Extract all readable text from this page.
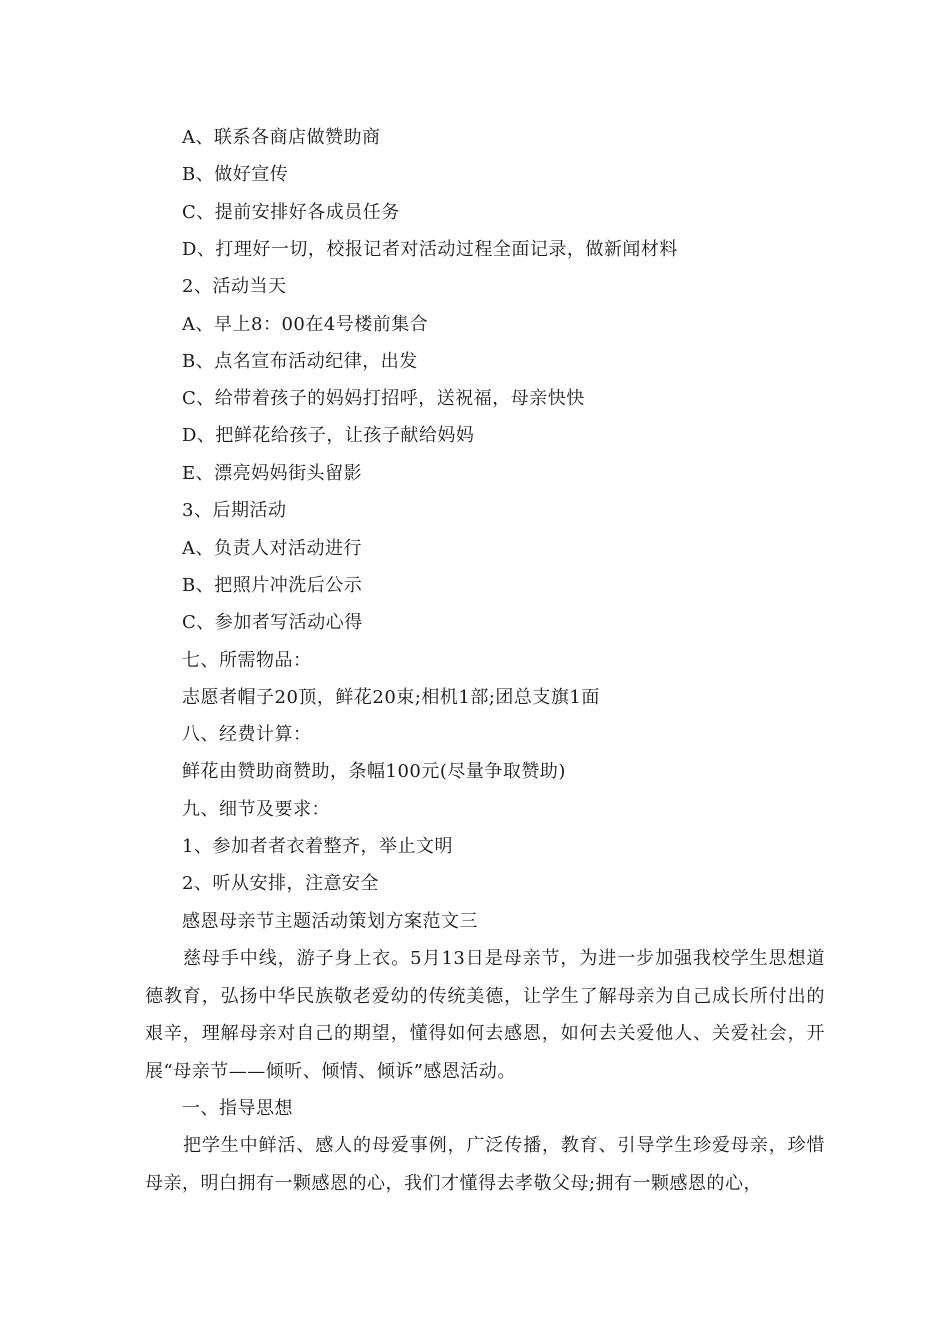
A、联系各商店做赞助商
B、做好宣传
C、提前安排好各成员任务
D、打理好一切，校报记者对活动过程全面记录，做新闻材料
2、活动当天
A、早上8：00在4号楼前集合
B、点名宣布活动纪律，出发
C、给带着孩子的妈妈打招呼，送祝福，母亲快快
D、把鲜花给孩子，让孩子献给妈妈
E、漂亮妈妈街头留影
3、后期活动
A、负责人对活动进行
B、把照片冲洗后公示
C、参加者写活动心得
七、所需物品：
志愿者帽子20顶，鲜花20束;相机1部;团总支旗1面
八、经费计算：
鲜花由赞助商赞助，条幅100元(尽量争取赞助)
九、细节及要求：
1、参加者者衣着整齐，举止文明
2、听从安排，注意安全
感恩母亲节主题活动策划方案范文三
慈母手中线，游子身上衣。5月13日是母亲节，为进一步加强我校学生思想道德教育，弘扬中华民族敬老爱幼的传统美德，让学生了解母亲为自己成长所付出的艰辛，理解母亲对自己的期望，懂得如何去感恩，如何去关爱他人、关爱社会，开展“母亲节——倾听、倾情、倾诉”感恩活动。
一、指导思想
把学生中鲜活、感人的母爱事例，广泛传播，教育、引导学生珍爱母亲，珍惜母亲，明白拥有一颗感恩的心，我们才懂得去孝敬父母;拥有一颗感恩的心，
